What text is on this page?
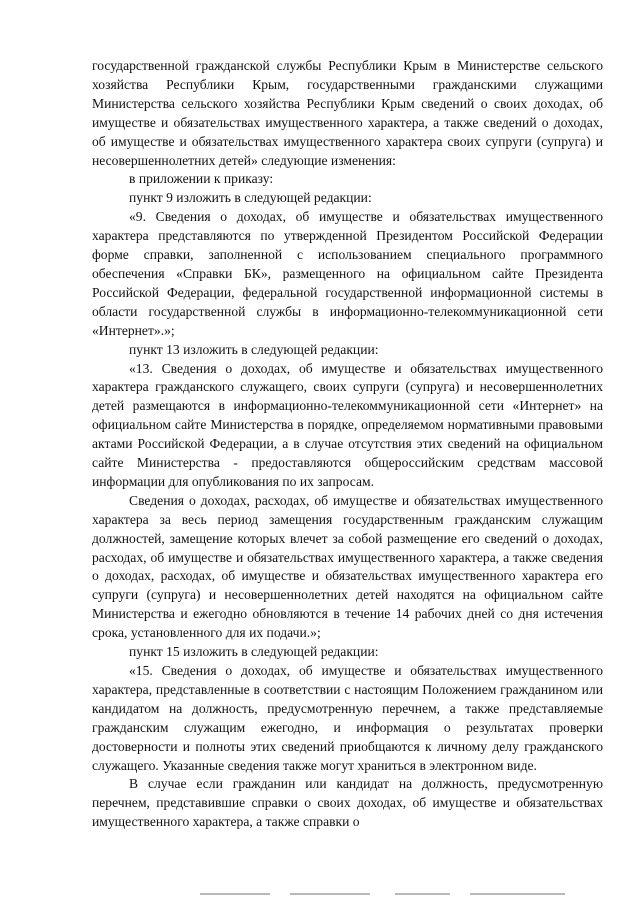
государственной гражданской службы Республики Крым в Министерстве сельского хозяйства Республики Крым, государственными гражданскими служащими Министерства сельского хозяйства Республики Крым сведений о своих доходах, об имуществе и обязательствах имущественного характера, а также сведений о доходах, об имуществе и обязательствах имущественного характера своих супруги (супруга) и несовершеннолетних детей» следующие изменения:

в приложении к приказу:

пункт 9 изложить в следующей редакции:

«9. Сведения о доходах, об имуществе и обязательствах имущественного характера представляются по утвержденной Президентом Российской Федерации форме справки, заполненной с использованием специального программного обеспечения «Справки БК», размещенного на официальном сайте Президента Российской Федерации, федеральной государственной информационной системы в области государственной службы в информационно-телекоммуникационной сети «Интернет».»;

пункт 13 изложить в следующей редакции:

«13. Сведения о доходах, об имуществе и обязательствах имущественного характера гражданского служащего, своих супруги (супруга) и несовершеннолетних детей размещаются в информационно-телекоммуникационной сети «Интернет» на официальном сайте Министерства в порядке, определяемом нормативными правовыми актами Российской Федерации, а в случае отсутствия этих сведений на официальном сайте Министерства - предоставляются общероссийским средствам массовой информации для опубликования по их запросам.

Сведения о доходах, расходах, об имуществе и обязательствах имущественного характера за весь период замещения государственным гражданским служащим должностей, замещение которых влечет за собой размещение его сведений о доходах, расходах, об имуществе и обязательствах имущественного характера, а также сведения о доходах, расходах, об имуществе и обязательствах имущественного характера его супруги (супруга) и несовершеннолетних детей находятся на официальном сайте Министерства и ежегодно обновляются в течение 14 рабочих дней со дня истечения срока, установленного для их подачи.»;

пункт 15 изложить в следующей редакции:

«15. Сведения о доходах, об имуществе и обязательствах имущественного характера, представленные в соответствии с настоящим Положением гражданином или кандидатом на должность, предусмотренную перечнем, а также представляемые гражданским служащим ежегодно, и информация о результатах проверки достоверности и полноты этих сведений приобщаются к личному делу гражданского служащего. Указанные сведения также могут храниться в электронном виде.

В случае если гражданин или кандидат на должность, предусмотренную перечнем, представившие справки о своих доходах, об имуществе и обязательствах имущественного характера, а также справки о
